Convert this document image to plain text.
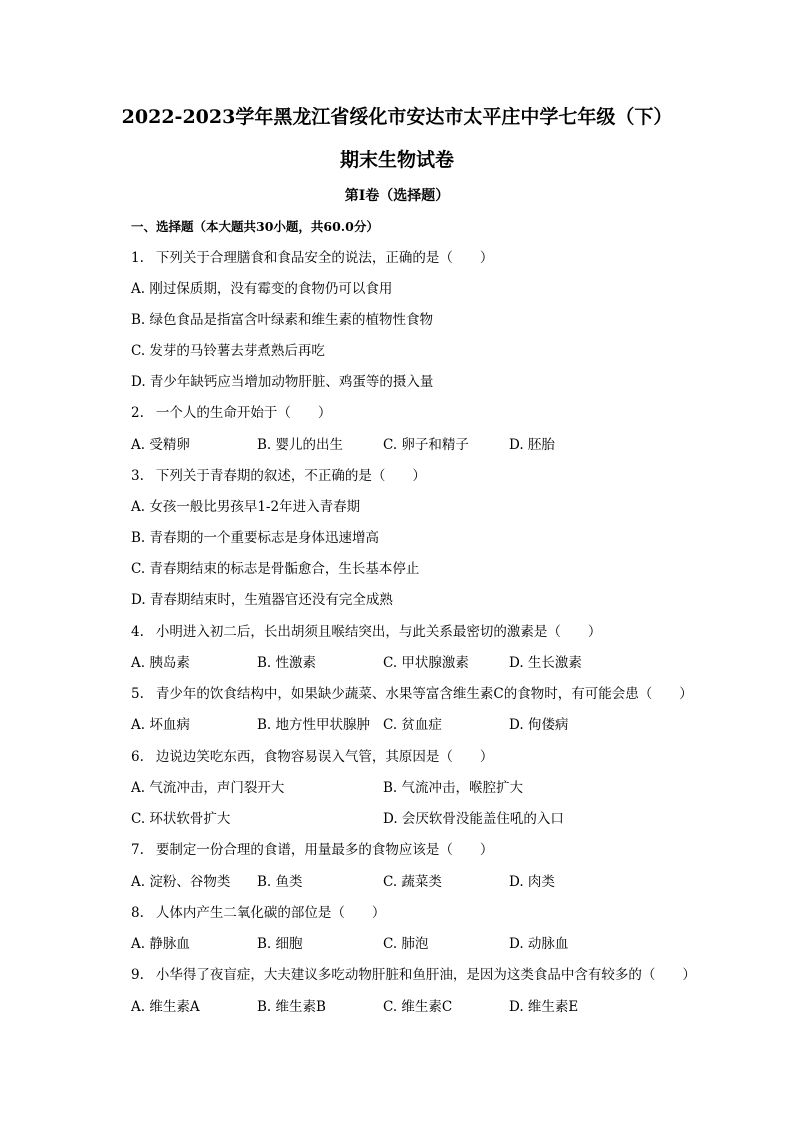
2022-2023学年黑龙江省绥化市安达市太平庄中学七年级（下）
期末生物试卷
第I卷（选择题）
一、选择题（本大题共30小题，共60.0分）
1. 下列关于合理膳食和食品安全的说法，正确的是（　　）
A. 刚过保质期，没有霉变的食物仍可以食用
B. 绿色食品是指富含叶绿素和维生素的植物性食物
C. 发芽的马铃薯去芽煮熟后再吃
D. 青少年缺钙应当增加动物肝脏、鸡蛋等的摄入量
2. 一个人的生命开始于（　　）
A. 受精卵	B. 婴儿的出生	C. 卵子和精子	D. 胚胎
3. 下列关于青春期的叙述，不正确的是（　　）
A. 女孩一般比男孩早1-2年进入青春期
B. 青春期的一个重要标志是身体迅速增高
C. 青春期结束的标志是骨骺愈合，生长基本停止
D. 青春期结束时，生殖器官还没有完全成熟
4. 小明进入初二后，长出胡须且喉结突出，与此关系最密切的激素是（　　）
A. 胰岛素	B. 性激素	C. 甲状腺激素	D. 生长激素
5. 青少年的饮食结构中，如果缺少蔬菜、水果等富含维生素C的食物时，有可能会患（　　）
A. 坏血病	B. 地方性甲状腺肿 C. 贫血症	D. 佝偻病
6. 边说边笑吃东西，食物容易误入气管，其原因是（　　）
A. 气流冲击，声门裂开大	B. 气流冲击，喉腔扩大
C. 环状软骨扩大	D. 会厌软骨没能盖住吼的入口
7. 要制定一份合理的食谱，用量最多的食物应该是（　　）
A. 淀粉、谷物类 B. 鱼类	C. 蔬菜类	D. 肉类
8. 人体内产生二氧化碳的部位是（　　）
A. 静脉血	B. 细胞	C. 肺泡	D. 动脉血
9. 小华得了夜盲症，大夫建议多吃动物肝脏和鱼肝油，是因为这类食品中含有较多的（　　）
A. 维生素A	B. 维生素B	C. 维生素C	D. 维生素E
